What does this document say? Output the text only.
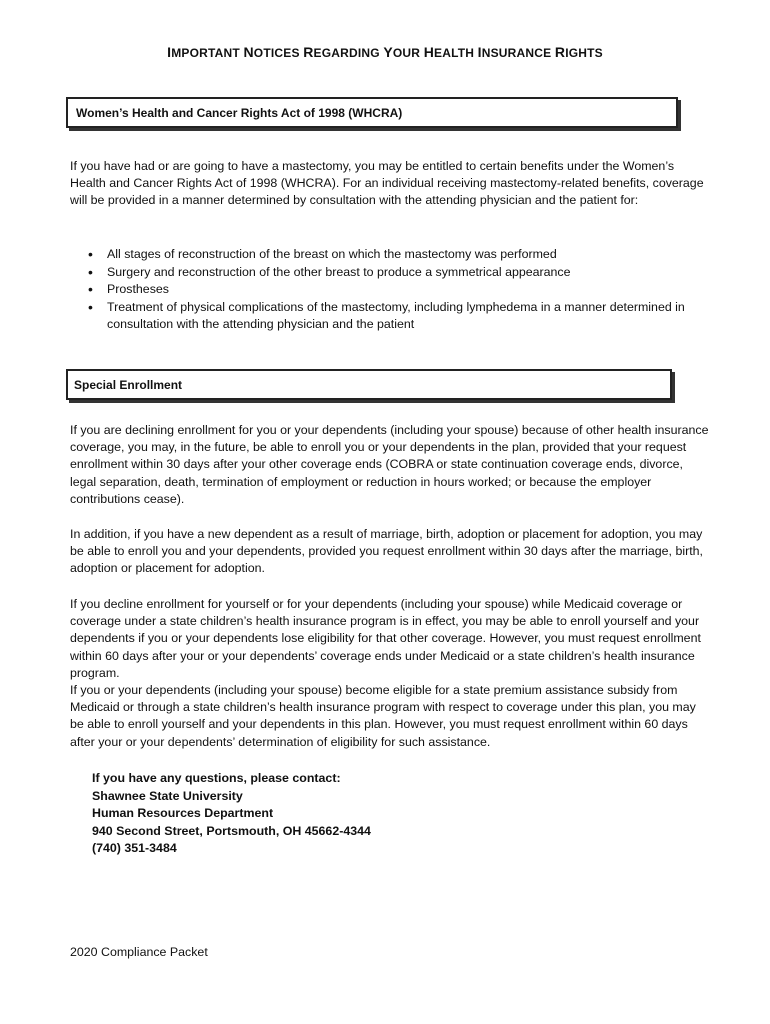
IMPORTANT NOTICES REGARDING YOUR HEALTH INSURANCE RIGHTS
Women’s Health and Cancer Rights Act of 1998 (WHCRA)

If you have had or are going to have a mastectomy, you may be entitled to certain benefits under the Women’s Health and Cancer Rights Act of 1998 (WHCRA). For an individual receiving mastectomy-related benefits, coverage will be provided in a manner determined by consultation with the attending physician and the patient for:

• All stages of reconstruction of the breast on which the mastectomy was performed
• Surgery and reconstruction of the other breast to produce a symmetrical appearance
• Prostheses
• Treatment of physical complications of the mastectomy, including lymphedema in a manner determined in consultation with the attending physician and the patient
Special Enrollment

If you are declining enrollment for you or your dependents (including your spouse) because of other health insurance coverage, you may, in the future, be able to enroll you or your dependents in the plan, provided that your request enrollment within 30 days after your other coverage ends (COBRA or state continuation coverage ends, divorce, legal separation, death, termination of employment or reduction in hours worked; or because the employer contributions cease).

In addition, if you have a new dependent as a result of marriage, birth, adoption or placement for adoption, you may be able to enroll you and your dependents, provided you request enrollment within 30 days after the marriage, birth, adoption or placement for adoption.

If you decline enrollment for yourself or for your dependents (including your spouse) while Medicaid coverage or coverage under a state children’s health insurance program is in effect, you may be able to enroll yourself and your dependents if you or your dependents lose eligibility for that other coverage. However, you must request enrollment within 60 days after your or your dependents’ coverage ends under Medicaid or a state children’s health insurance program.

If you or your dependents (including your spouse) become eligible for a state premium assistance subsidy from Medicaid or through a state children’s health insurance program with respect to coverage under this plan, you may be able to enroll yourself and your dependents in this plan. However, you must request enrollment within 60 days after your or your dependents’ determination of eligibility for such assistance.

If you have any questions, please contact:
Shawnee State University
Human Resources Department
940 Second Street, Portsmouth, OH 45662-4344
(740) 351-3484
2020 Compliance Packet
